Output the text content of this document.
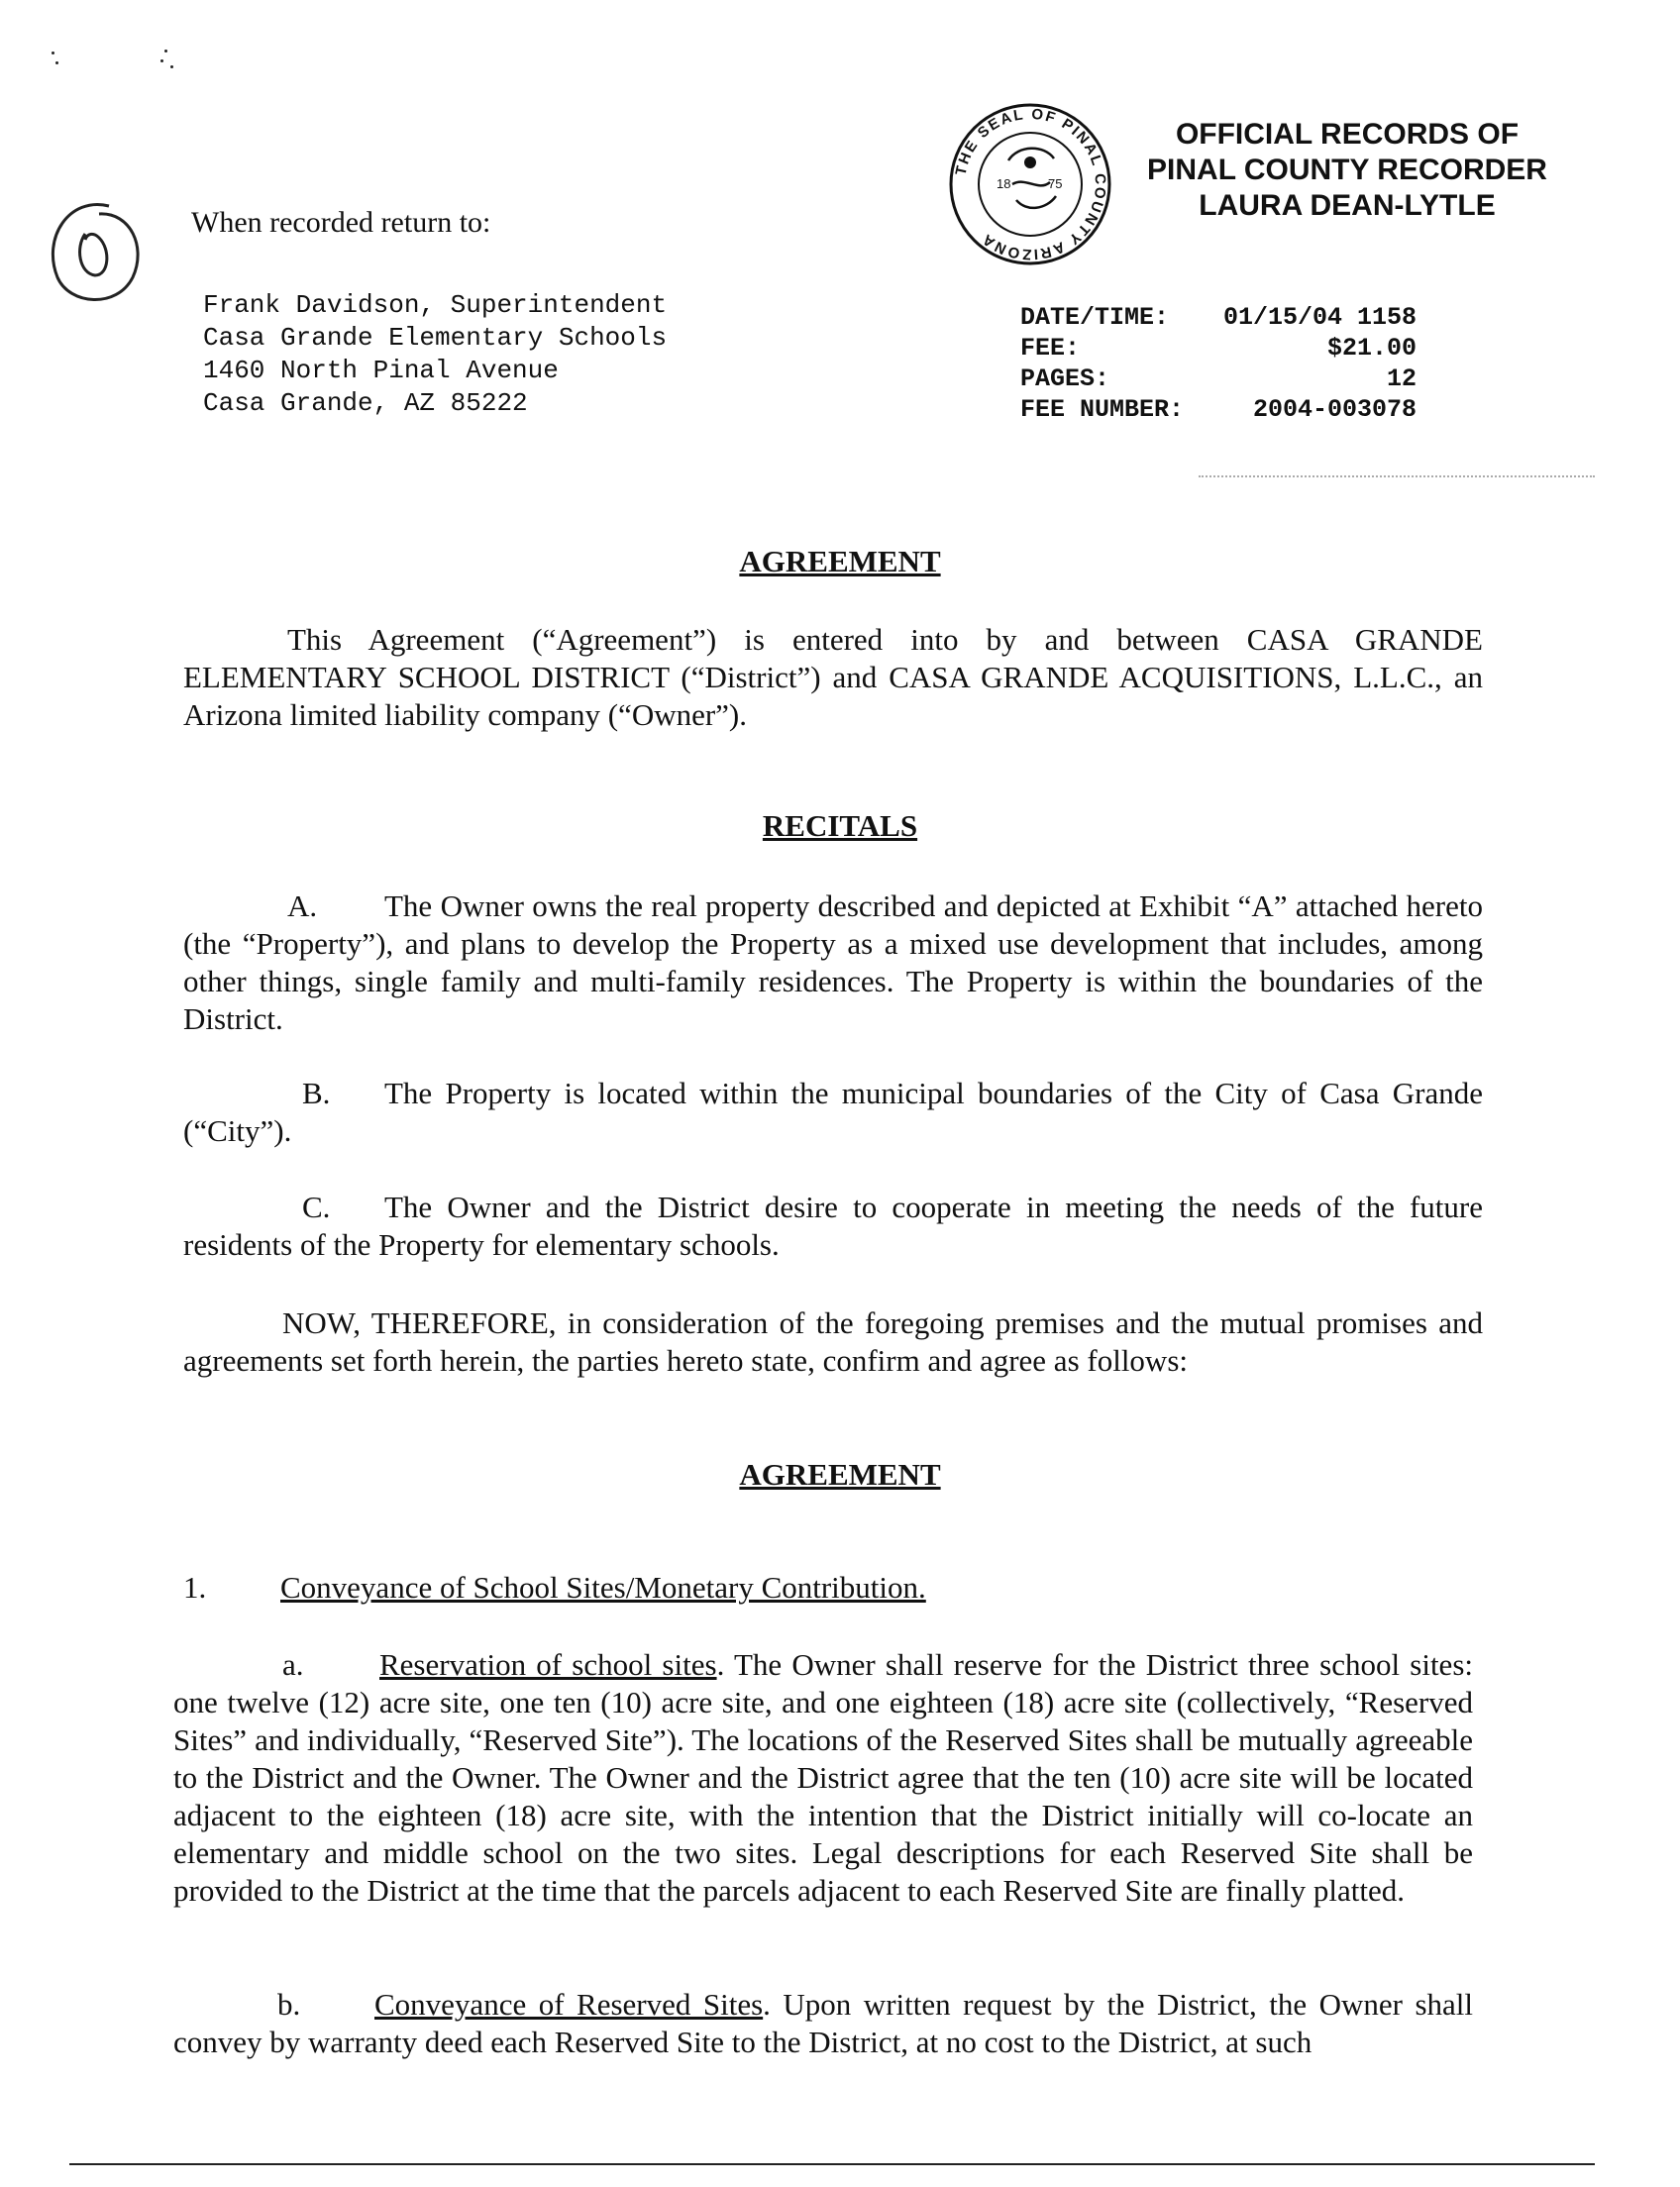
0
When recorded return to:
Frank Davidson, Superintendent
Casa Grande Elementary Schools
1460 North Pinal Avenue
Casa Grande, AZ 85222
THE SEAL OF PINAL COUNTY ARIZONA
18	75
OFFICIAL RECORDS OF
PINAL COUNTY RECORDER
LAURA DEAN-LYTLE
DATE/TIME:	01/15/04 1158
FEE:	$21.00
PAGES:	12
FEE NUMBER:	2004-003078
AGREEMENT
This Agreement (“Agreement”) is entered into by and between CASA GRANDE ELEMENTARY SCHOOL DISTRICT (“District”) and CASA GRANDE ACQUISITIONS, L.L.C., an Arizona limited liability company (“Owner”).
RECITALS
A. The Owner owns the real property described and depicted at Exhibit “A” attached hereto (the “Property”), and plans to develop the Property as a mixed use development that includes, among other things, single family and multi-family residences. The Property is within the boundaries of the District.
B. The Property is located within the municipal boundaries of the City of Casa Grande (“City”).
C. The Owner and the District desire to cooperate in meeting the needs of the future residents of the Property for elementary schools.
NOW, THEREFORE, in consideration of the foregoing premises and the mutual promises and agreements set forth herein, the parties hereto state, confirm and agree as follows:
AGREEMENT
1. Conveyance of School Sites/Monetary Contribution.
a. Reservation of school sites. The Owner shall reserve for the District three school sites: one twelve (12) acre site, one ten (10) acre site, and one eighteen (18) acre site (collectively, “Reserved Sites” and individually, “Reserved Site”). The locations of the Reserved Sites shall be mutually agreeable to the District and the Owner. The Owner and the District agree that the ten (10) acre site will be located adjacent to the eighteen (18) acre site, with the intention that the District initially will co-locate an elementary and middle school on the two sites. Legal descriptions for each Reserved Site shall be provided to the District at the time that the parcels adjacent to each Reserved Site are finally platted.
b. Conveyance of Reserved Sites. Upon written request by the District, the Owner shall convey by warranty deed each Reserved Site to the District, at no cost to the District, at such
